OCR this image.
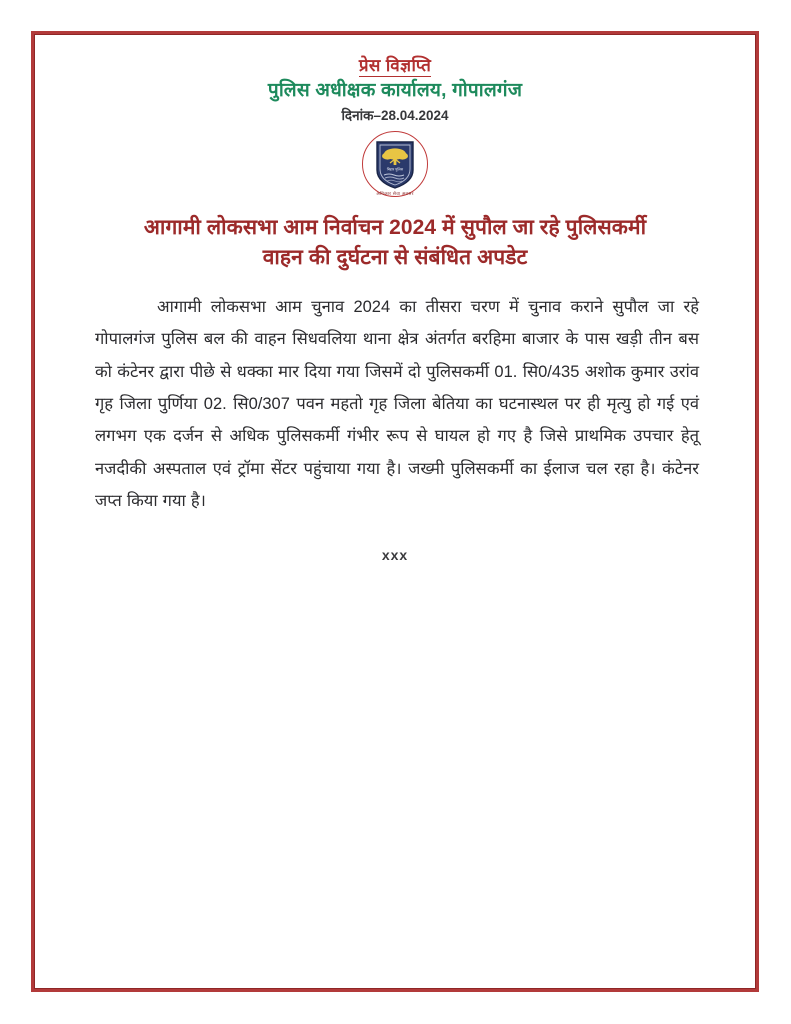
प्रेस विज्ञप्ति
पुलिस अधीक्षक कार्यालय, गोपालगंज
दिनांक–28.04.2024
बिहार पुलिस
अधिकार सेवा अवसर
आगामी लोकसभा आम निर्वाचन 2024 में सुपौल जा रहे पुलिसकर्मी
वाहन की दुर्घटना से संबंधित अपडेट

आगामी लोकसभा आम चुनाव 2024 का तीसरा चरण में चुनाव कराने सुपौल जा रहे गोपालगंज पुलिस बल की वाहन सिधवलिया थाना क्षेत्र अंतर्गत बरहिमा बाजार के पास खड़ी तीन बस को कंटेनर द्वारा पीछे से धक्का मार दिया गया जिसमें दो पुलिसकर्मी 01. सि0/435 अशोक कुमार उरांव गृह जिला पुर्णिया 02. सि0/307 पवन महतो गृह जिला बेतिया का घटनास्थल पर ही मृत्यु हो गई एवं लगभग एक दर्जन से अधिक पुलिसकर्मी गंभीर रूप से घायल हो गए है जिसे प्राथमिक उपचार हेतू नजदीकी अस्पताल एवं ट्रॉमा सेंटर पहुंचाया गया है। जख्मी पुलिसकर्मी का ईलाज चल रहा है। कंटेनर जप्त किया गया है।

xxx
